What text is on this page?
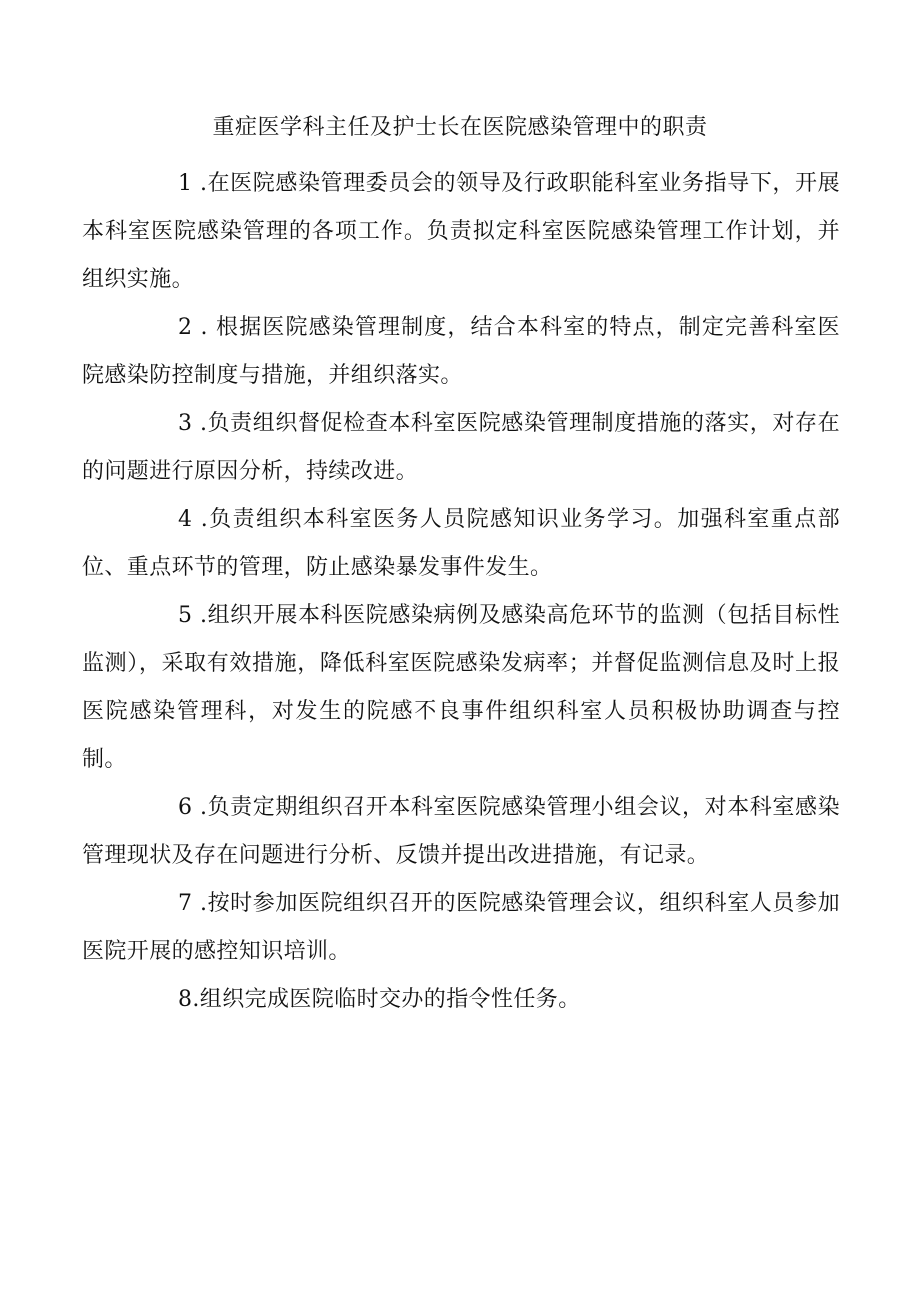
重症医学科主任及护士长在医院感染管理中的职责

1 .在医院感染管理委员会的领导及行政职能科室业务指导下，开展本科室医院感染管理的各项工作。负责拟定科室医院感染管理工作计划，并组织实施。

2 . 根据医院感染管理制度，结合本科室的特点，制定完善科室医院感染防控制度与措施，并组织落实。

3 .负责组织督促检查本科室医院感染管理制度措施的落实，对存在的问题进行原因分析，持续改进。

4 .负责组织本科室医务人员院感知识业务学习。加强科室重点部位、重点环节的管理，防止感染暴发事件发生。

5 .组织开展本科医院感染病例及感染高危环节的监测（包括目标性监测），采取有效措施，降低科室医院感染发病率；并督促监测信息及时上报医院感染管理科，对发生的院感不良事件组织科室人员积极协助调查与控制。

6 .负责定期组织召开本科室医院感染管理小组会议，对本科室感染管理现状及存在问题进行分析、反馈并提出改进措施，有记录。

7 .按时参加医院组织召开的医院感染管理会议，组织科室人员参加医院开展的感控知识培训。

8.组织完成医院临时交办的指令性任务。
